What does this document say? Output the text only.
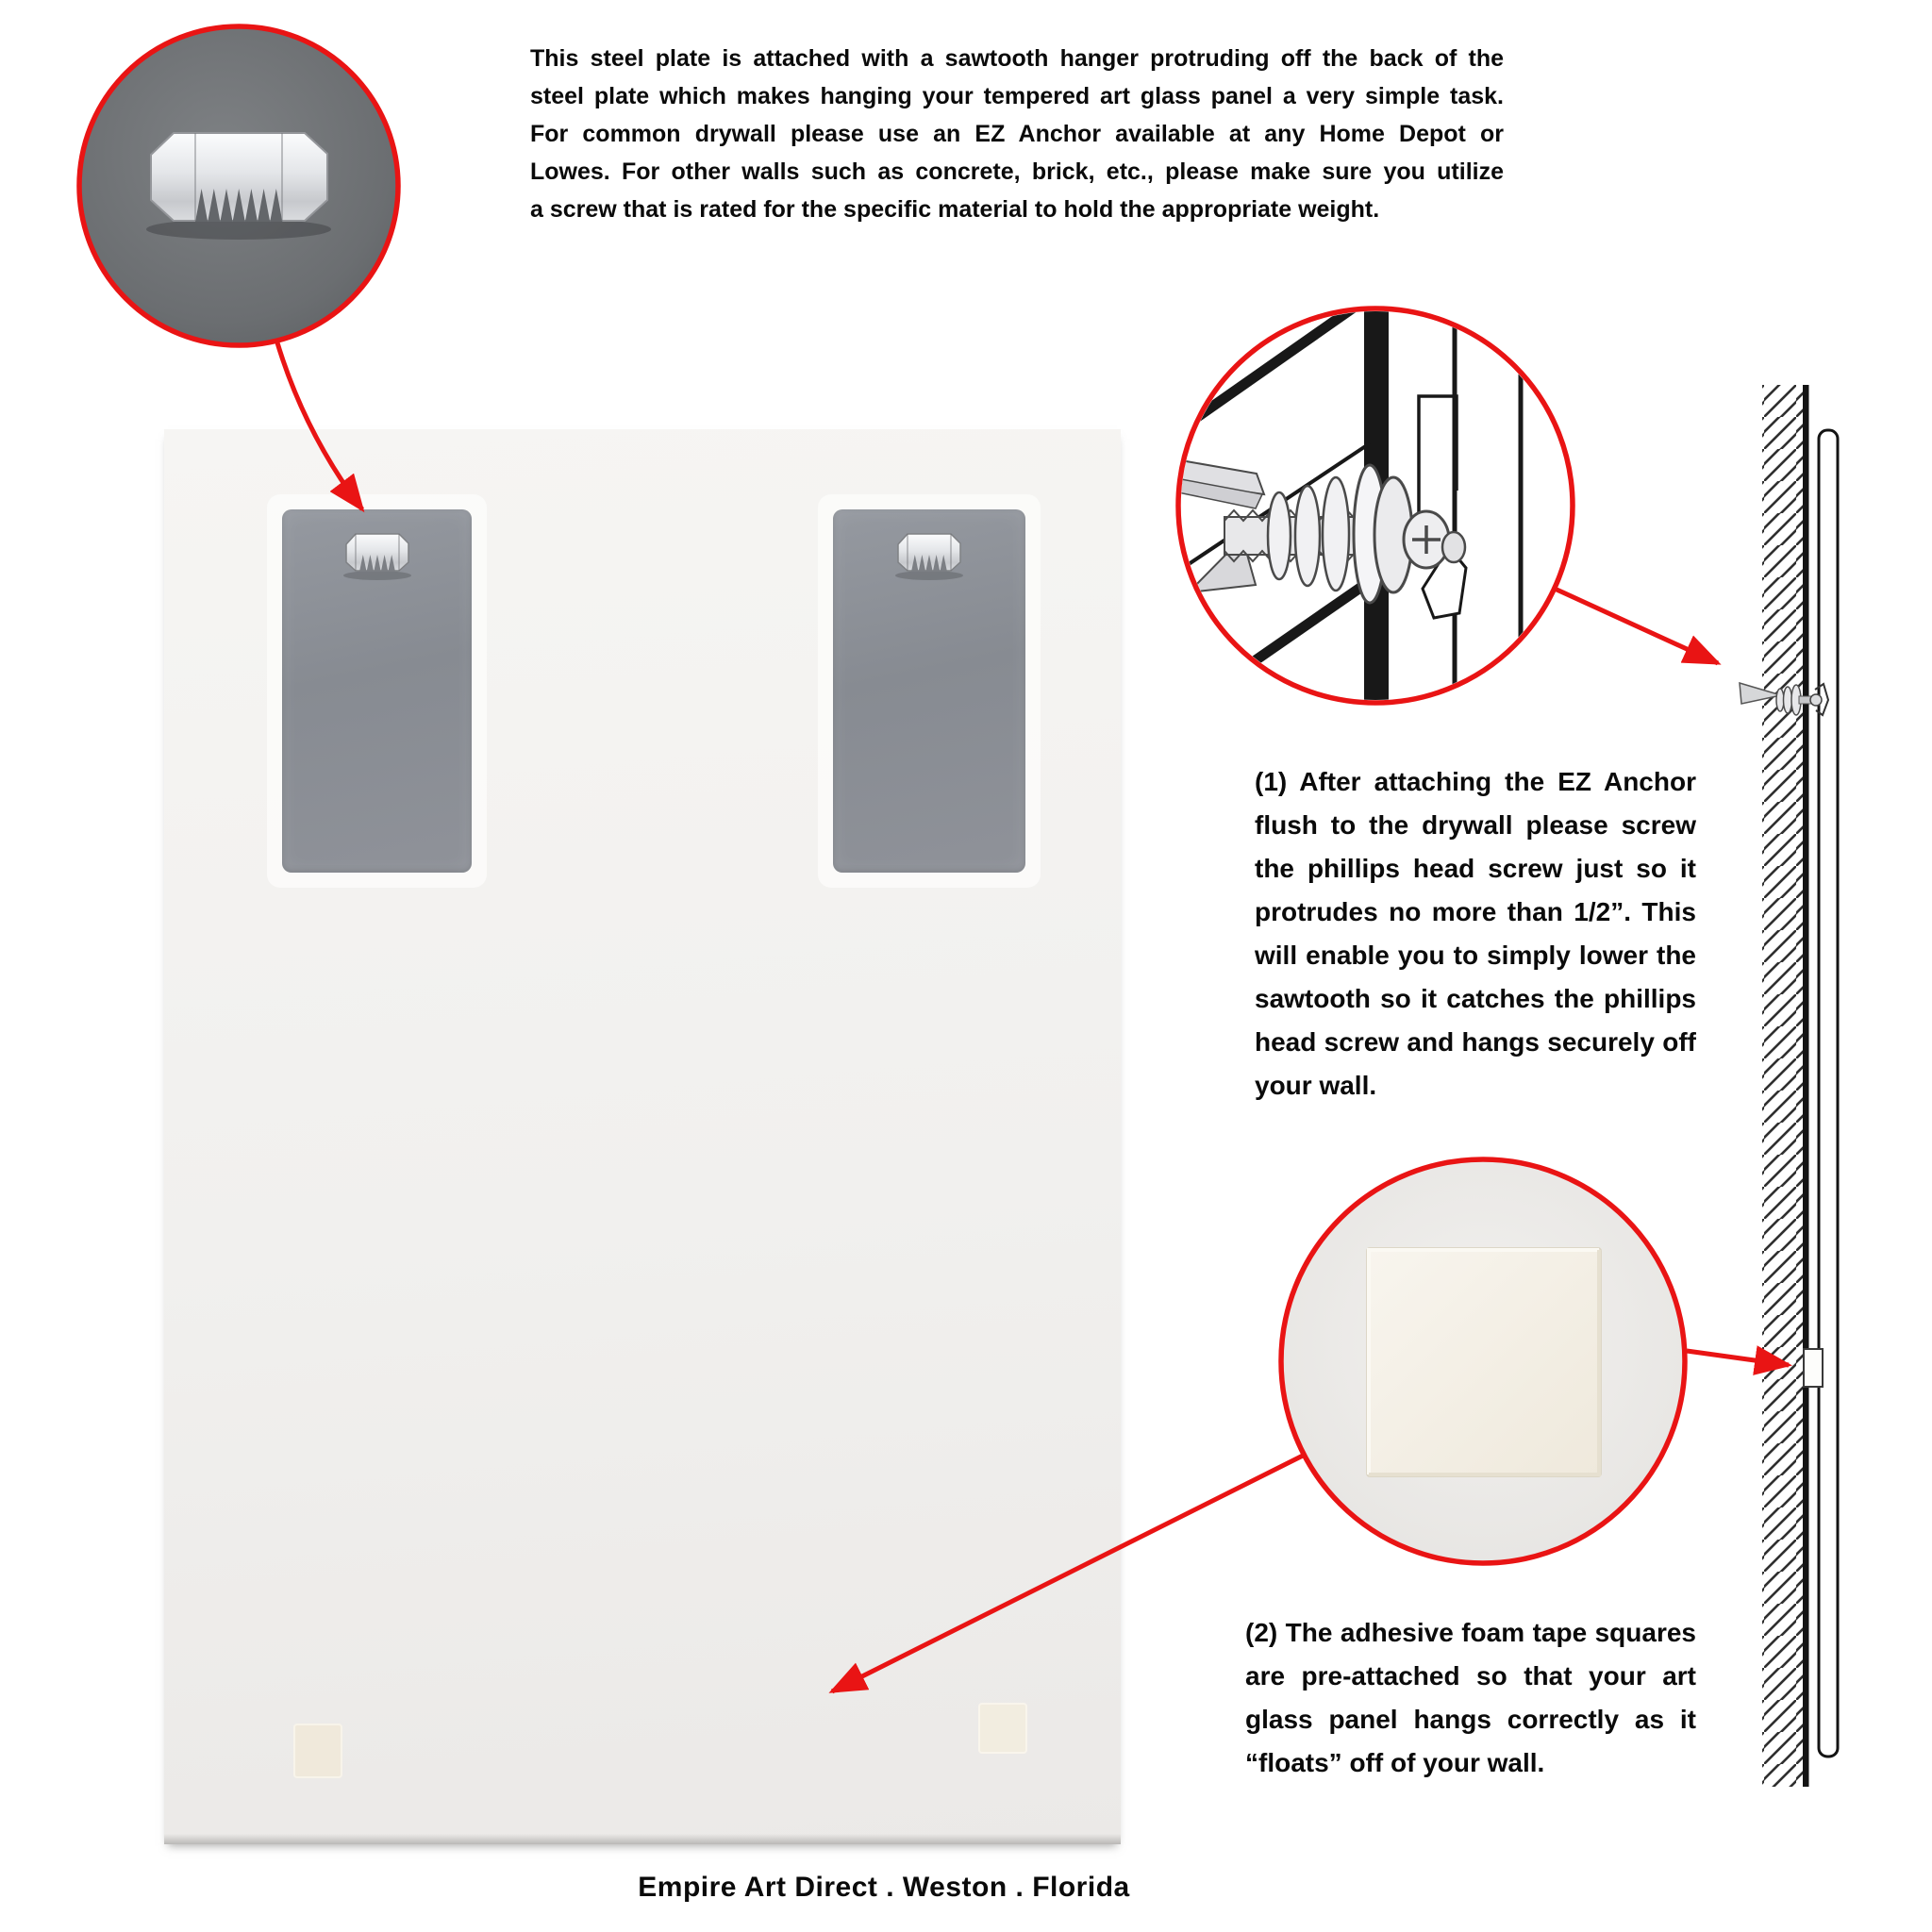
This steel plate is attached with a sawtooth hanger protruding off the back of the
steel plate which makes hanging your tempered art glass panel a very simple task.
For common drywall please use an EZ Anchor available at any Home Depot or
Lowes. For other walls such as concrete, brick, etc., please make sure you utilize
a screw that is rated for the specific material to hold the appropriate weight.
(1) After attaching the EZ Anchor
flush to the drywall please screw
the phillips head screw just so it
protrudes no more than 1/2”. This
will enable you to simply lower the
sawtooth so it catches the phillips
head screw and hangs securely off
your wall.
(2) The adhesive foam tape squares
are pre-attached so that your art
glass panel hangs correctly as it
“floats” off of your wall.
Empire Art Direct . Weston . Florida
